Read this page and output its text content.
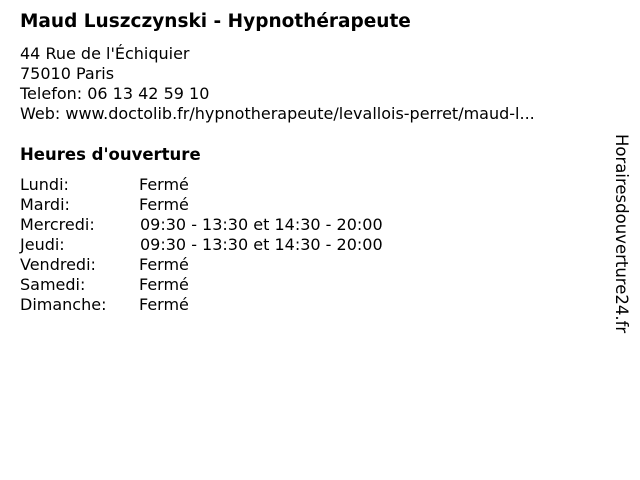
Maud Luszczynski - Hypnothérapeute
44 Rue de l'Échiquier
75010 Paris
Telefon: 06 13 42 59 10
Web: www.doctolib.fr/hypnotherapeute/levallois-perret/maud-l...
Heures d'ouverture
Lundi:	Fermé
Mardi:	Fermé
Mercredi:	09:30 - 13:30 et 14:30 - 20:00
Jeudi:	09:30 - 13:30 et 14:30 - 20:00
Vendredi:	Fermé
Samedi:	Fermé
Dimanche: Fermé	Horairesdouverture24.fr
